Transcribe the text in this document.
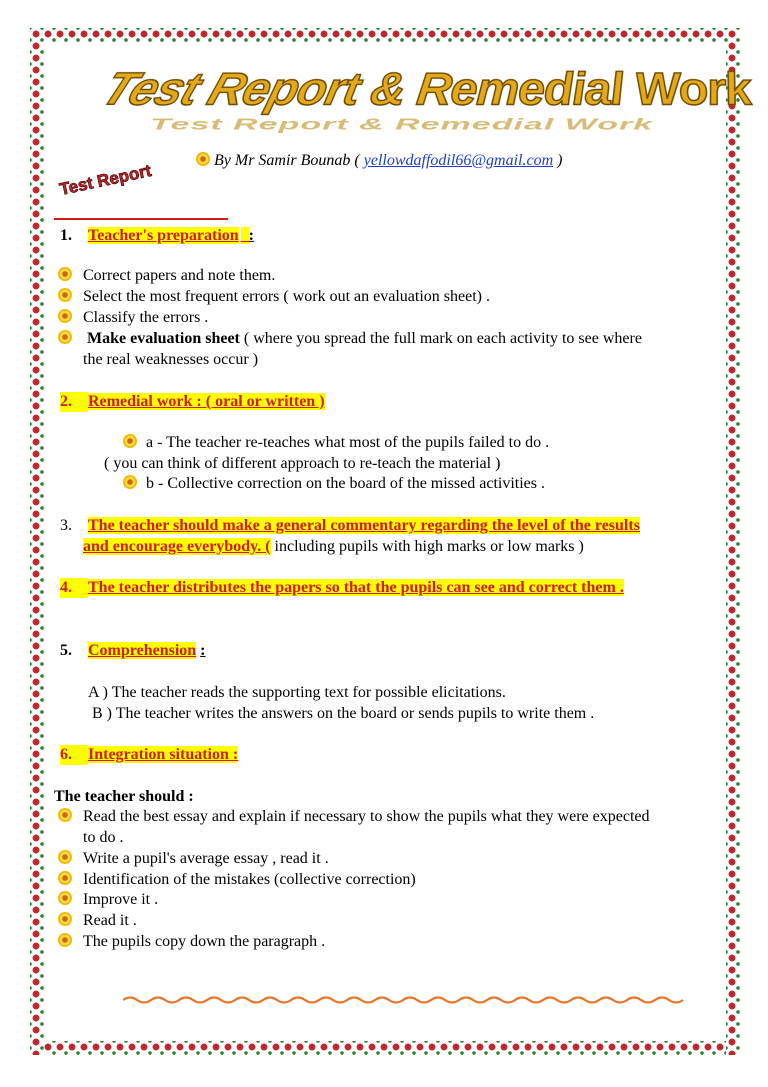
Test Report & Remedial Work
Test Report & Remedial Work
By Mr Samir Bounab ( yellowdaffodil66@gmail.com )
Test Report
1. Teacher's preparation :
Correct papers and note them.
Select the most frequent errors ( work out an evaluation sheet) .
Classify the errors .
Make evaluation sheet ( where you spread the full mark on each activity to see where
the real weaknesses occur )
2. Remedial work : ( oral or written )
a - The teacher re-teaches what most of the pupils failed to do .
( you can think of different approach to re-teach the material )
b - Collective correction on the board of the missed activities .
3. The teacher should make a general commentary regarding the level of the results
and encourage everybody. ( including pupils with high marks or low marks )
4. The teacher distributes the papers so that the pupils can see and correct them .
5. Comprehension :
A ) The teacher reads the supporting text for possible elicitations.
B ) The teacher writes the answers on the board or sends pupils to write them .
6. Integration situation :
The teacher should :
Read the best essay and explain if necessary to show the pupils what they were expected
to do .
Write a pupil's average essay , read it .
Identification of the mistakes (collective correction)
Improve it .
Read it .
The pupils copy down the paragraph .
